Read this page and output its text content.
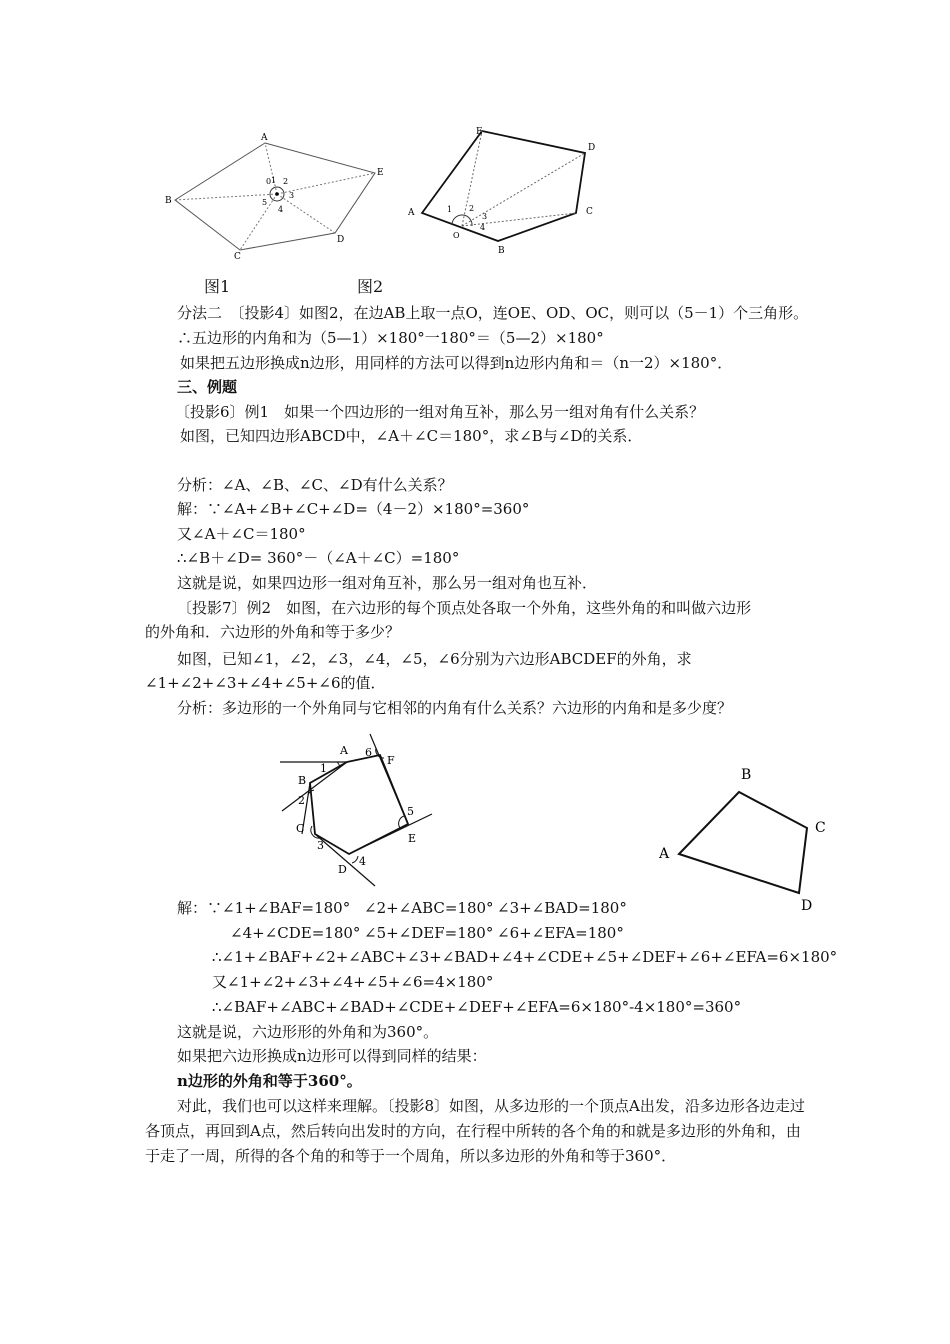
A
E
D
C
B
0 1 2
3
4
5
E
D
C
B
A
O
1 2
3
4
图1	图2
分法二　〔投影4〕如图2，在边AB上取一点O，连OE、OD、OC，则可以（5－1）个三角形。
∴五边形的内角和为（5—1）×180°一180°＝（5—2）×180°
如果把五边形换成n边形，用同样的方法可以得到n边形内角和＝（n一2）×180°．
三、例题
〔投影6〕例1　如果一个四边形的一组对角互补，那么另一组对角有什么关系？
如图，已知四边形ABCD中，∠A＋∠C＝180°，求∠B与∠D的关系．
分析：∠A、∠B、∠C、∠D有什么关系？
解：∵∠A+∠B+∠C+∠D=（4－2）×180°=360°
又∠A＋∠C＝180°
∴∠B＋∠D= 360°－（∠A＋∠C）=180°
这就是说，如果四边形一组对角互补，那么另一组对角也互补．
〔投影7〕例2　如图，在六边形的每个顶点处各取一个外角，这些外角的和叫做六边形
的外角和．六边形的外角和等于多少？
如图，已知∠1，∠2，∠3，∠4，∠5，∠6分别为六边形ABCDEF的外角，求
∠1+∠2+∠3+∠4+∠5+∠6的值．
分析：多边形的一个外角同与它相邻的内角有什么关系？六边形的内角和是多少度？
A
F
B
C
D
E
1
2
3
4
5
6
A
B
C
D
解：∵∠1+∠BAF=180° ∠2+∠ABC=180° ∠3+∠BAD=180°
∠4+∠CDE=180° ∠5+∠DEF=180° ∠6+∠EFA=180°
∴∠1+∠BAF+∠2+∠ABC+∠3+∠BAD+∠4+∠CDE+∠5+∠DEF+∠6+∠EFA=6×180°
又∠1+∠2+∠3+∠4+∠5+∠6=4×180°
∴∠BAF+∠ABC+∠BAD+∠CDE+∠DEF+∠EFA=6×180°-4×180°=360°
这就是说，六边形形的外角和为360°。
如果把六边形换成n边形可以得到同样的结果：
n边形的外角和等于360°。
对此，我们也可以这样来理解。〔投影8〕如图，从多边形的一个顶点A出发，沿多边形各边走过各顶点，再回到A点，然后转向出发时的方向，在行程中所转的各个角的和就是多边形的外角和，由于走了一周，所得的各个角的和等于一个周角，所以多边形的外角和等于360°．
